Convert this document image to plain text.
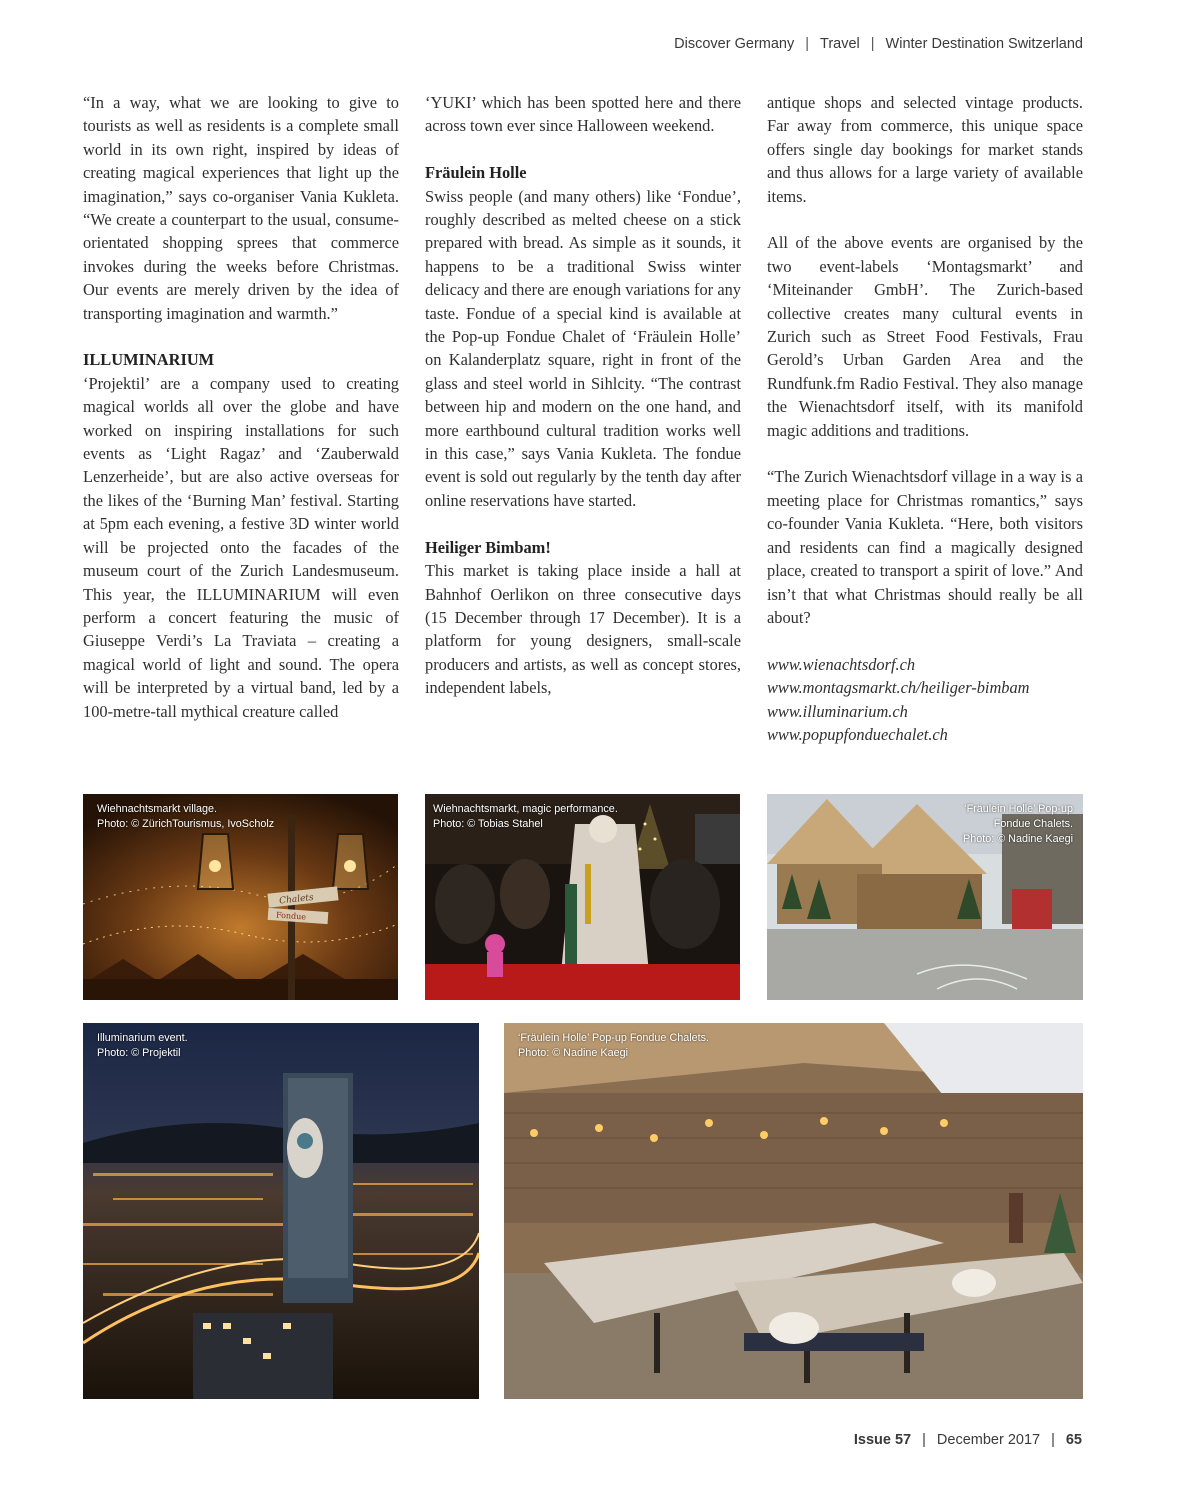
Discover Germany | Travel | Winter Destination Switzerland

“In a way, what we are looking to give to tourists as well as residents is a complete small world in its own right, inspired by ideas of creating magical experiences that light up the imagination,” says co-organiser Vania Kukleta. “We create a counterpart to the usual, consume-orientated shopping sprees that commerce invokes during the weeks before Christmas. Our events are merely driven by the idea of transporting imagination and warmth.”

ILLUMINARIUM

‘Projektil’ are a company used to creating magical worlds all over the globe and have worked on inspiring installations for such events as ‘Light Ragaz’ and ‘Zauberwald Lenzerheide’, but are also active overseas for the likes of the ‘Burning Man’ festival. Starting at 5pm each evening, a festive 3D winter world will be projected onto the facades of the museum court of the Zurich Landesmuseum. This year, the ILLUMINARIUM will even perform a concert featuring the music of Giuseppe Verdi’s La Traviata – creating a magical world of light and sound. The opera will be interpreted by a virtual band, led by a 100-metre-tall mythical creature called

‘YUKI’ which has been spotted here and there across town ever since Halloween weekend.

Fräulein Holle

Swiss people (and many others) like ‘Fondue’, roughly described as melted cheese on a stick prepared with bread. As simple as it sounds, it happens to be a traditional Swiss winter delicacy and there are enough variations for any taste. Fondue of a special kind is available at the Pop-up Fondue Chalet of ‘Fräulein Holle’ on Kalanderplatz square, right in front of the glass and steel world in Sihlcity. “The contrast between hip and modern on the one hand, and more earthbound cultural tradition works well in this case,” says Vania Kukleta. The fondue event is sold out regularly by the tenth day after online reservations have started.

Heiliger Bimbam!

This market is taking place inside a hall at Bahnhof Oerlikon on three consecutive days (15 December through 17 December). It is a platform for young designers, small-scale producers and artists, as well as concept stores, independent labels,

antique shops and selected vintage products. Far away from commerce, this unique space offers single day bookings for market stands and thus allows for a large variety of available items.

All of the above events are organised by the two event-labels ‘Montagsmarkt’ and ‘Miteinander GmbH’. The Zurich-based collective creates many cultural events in Zurich such as Street Food Festivals, Frau Gerold’s Urban Garden Area and the Rundfunk.fm Radio Festival. They also manage the Wienachtsdorf itself, with its manifold magic additions and traditions.

“The Zurich Wienachtsdorf village in a way is a meeting place for Christmas romantics,” says co-founder Vania Kukleta. “Here, both visitors and residents can find a magically designed place, created to transport a spirit of love.” And isn’t that what Christmas should really be all about?

www.wienachtsdorf.ch
www.montagsmarkt.ch/heiliger-bimbam
www.illuminarium.ch
www.popupfonduechalet.ch
Chalets
Fondue
Wiehnachtsmarkt village.
Photo: © ZürichTourismus, IvoScholz
Wiehnachtsmarkt, magic performance.
Photo: © Tobias Stahel
‘Fräulein Holle’ Pop-up
Fondue Chalets.
Photo: © Nadine Kaegi
Illuminarium event.
Photo: © Projektil
‘Fräulein Holle’ Pop-up Fondue Chalets.
Photo: © Nadine Kaegi
Issue 57 | December 2017 | 65
